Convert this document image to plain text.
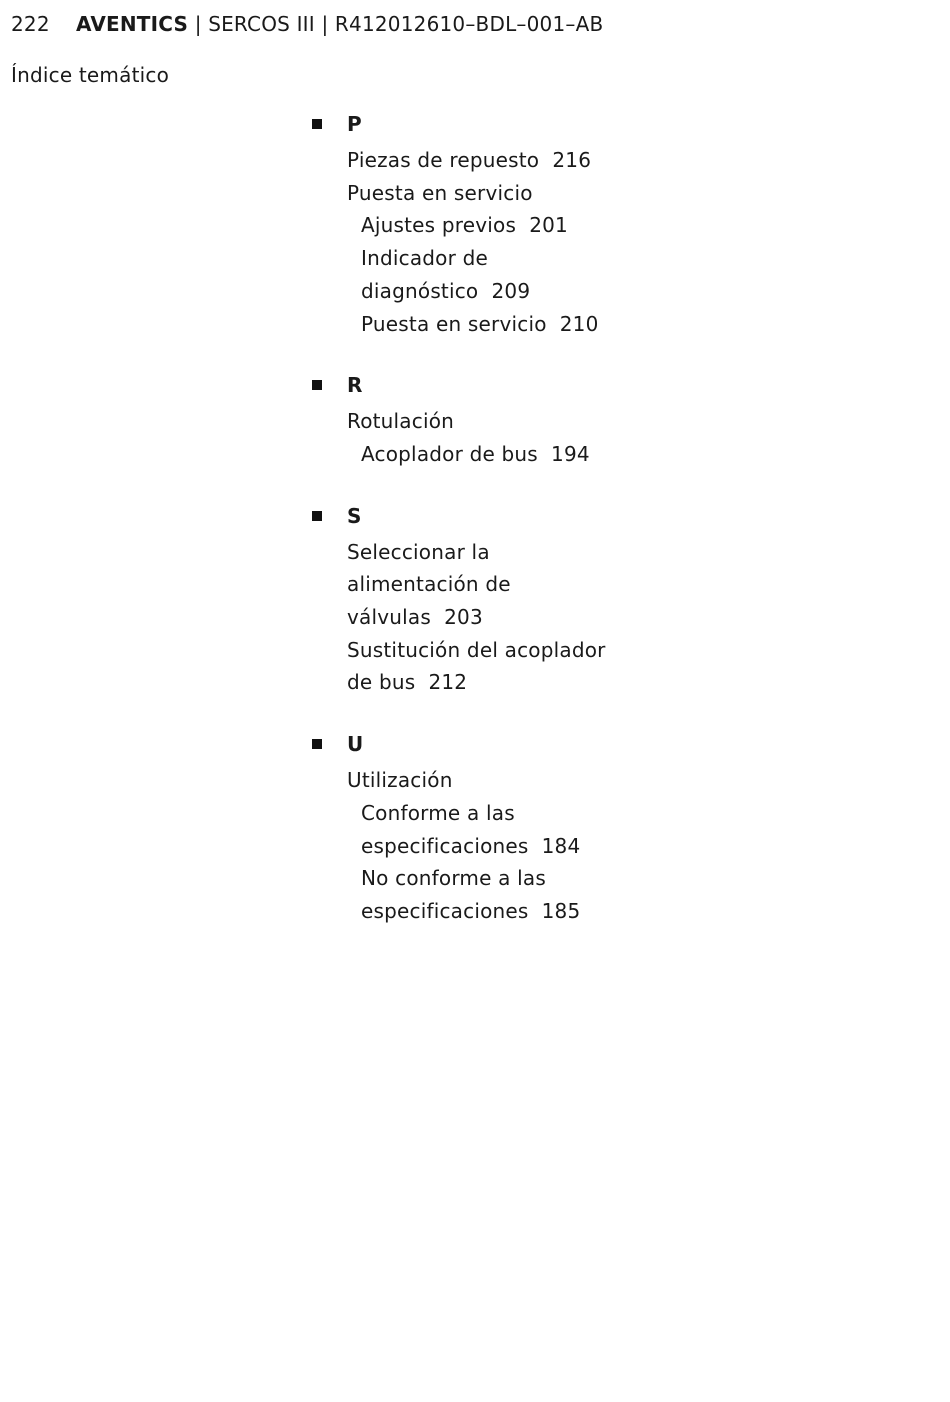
222 AVENTICS | SERCOS III | R412012610–BDL–001–AB
Índice temático
P
Piezas de repuesto  216
Puesta en servicio
Ajustes previos  201
Indicador de
diagnóstico  209
Puesta en servicio  210
R
Rotulación
Acoplador de bus  194
S
Seleccionar la
alimentación de
válvulas  203
Sustitución del acoplador
de bus  212
U
Utilización
Conforme a las
especificaciones  184
No conforme a las
especificaciones  185
